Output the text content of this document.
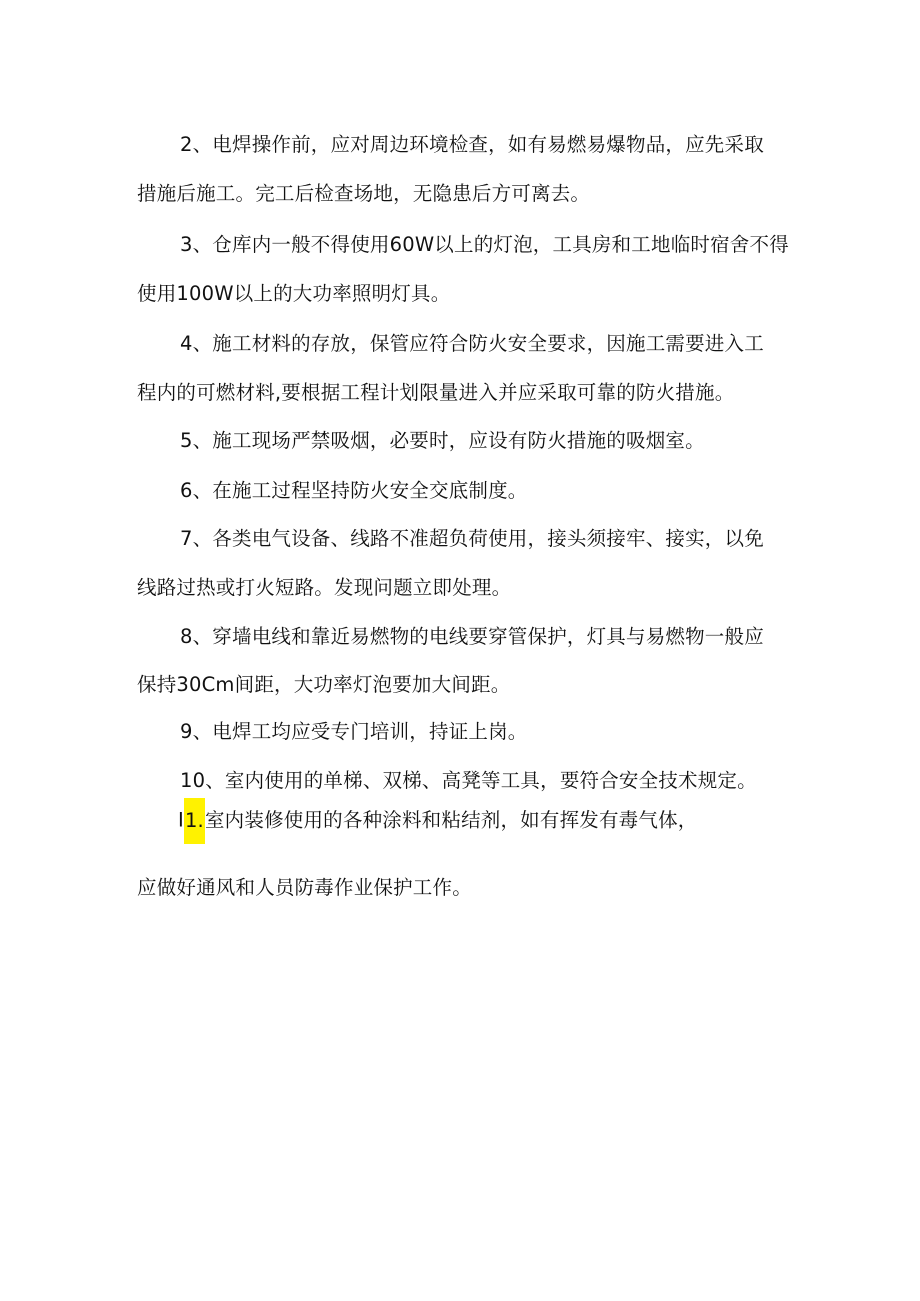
2、电焊操作前，应对周边环境检查，如有易燃易爆物品，应先采取
措施后施工。完工后检查场地，无隐患后方可离去。
3、仓库内一般不得使用60W以上的灯泡，工具房和工地临时宿舍不得
使用100W以上的大功率照明灯具。
4、施工材料的存放，保管应符合防火安全要求，因施工需要进入工
程内的可燃材料,要根据工程计划限量进入并应采取可靠的防火措施。
5、施工现场严禁吸烟，必要时，应设有防火措施的吸烟室。
6、在施工过程坚持防火安全交底制度。
7、各类电气设备、线路不准超负荷使用，接头须接牢、接实，以免
线路过热或打火短路。发现问题立即处理。
8、穿墙电线和靠近易燃物的电线要穿管保护，灯具与易燃物一般应
保持30Cm间距，大功率灯泡要加大间距。
9、电焊工均应受专门培训，持证上岗。
10、室内使用的单梯、双梯、高凳等工具，要符合安全技术规定。
I1.室内装修使用的各种涂料和粘结剂，如有挥发有毒气体，
应做好通风和人员防毒作业保护工作。
